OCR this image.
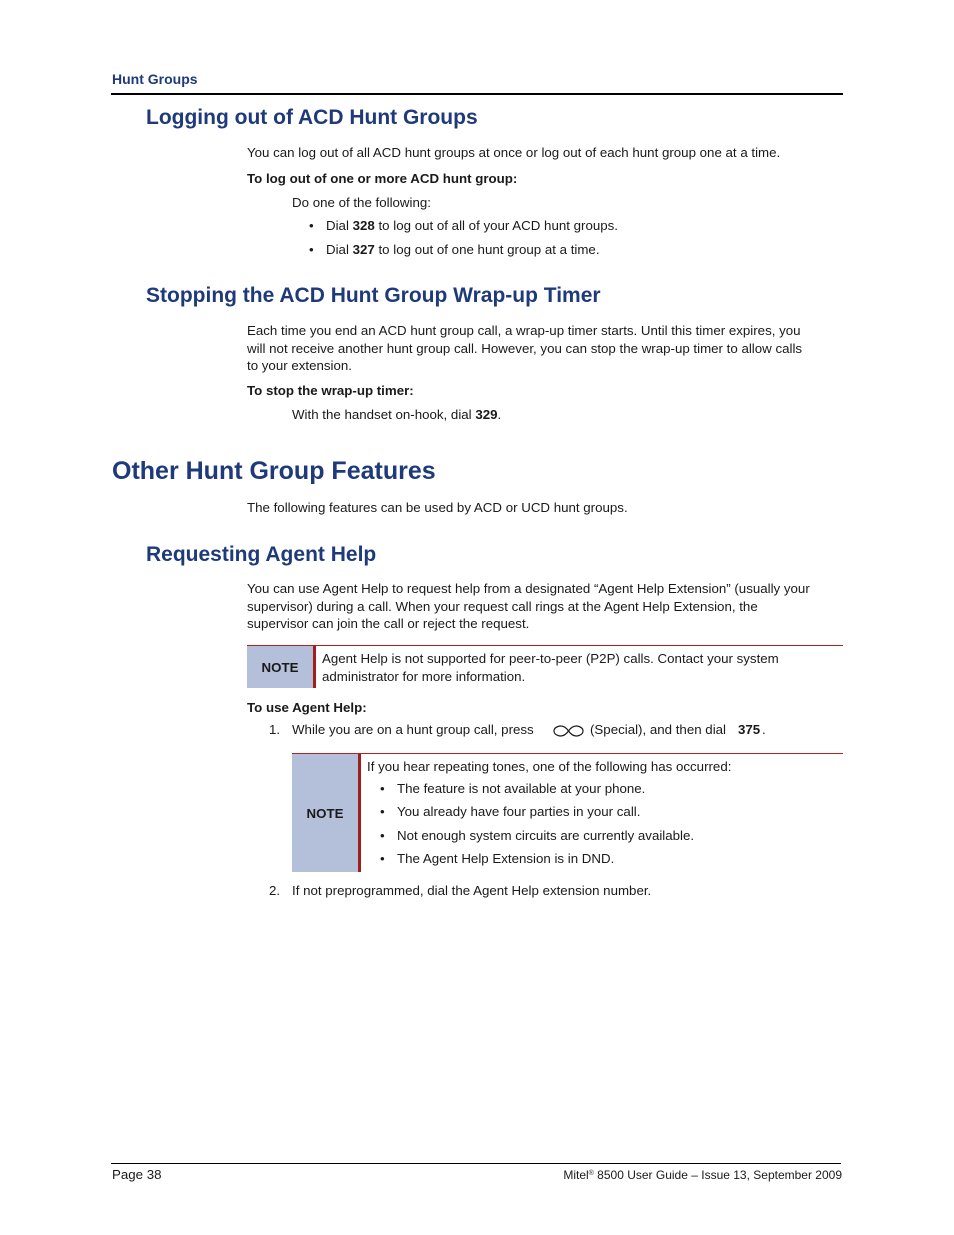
Hunt Groups
Logging out of ACD Hunt Groups
You can log out of all ACD hunt groups at once or log out of each hunt group one at a time.
To log out of one or more ACD hunt group:
Do one of the following:
• Dial 328 to log out of all of your ACD hunt groups.
• Dial 327 to log out of one hunt group at a time.
Stopping the ACD Hunt Group Wrap-up Timer
Each time you end an ACD hunt group call, a wrap-up timer starts. Until this timer expires, you
will not receive another hunt group call. However, you can stop the wrap-up timer to allow calls
to your extension.
To stop the wrap-up timer:
With the handset on-hook, dial 329.
Other Hunt Group Features
The following features can be used by ACD or UCD hunt groups.
Requesting Agent Help
You can use Agent Help to request help from a designated “Agent Help Extension” (usually your
supervisor) during a call. When your request call rings at the Agent Help Extension, the
supervisor can join the call or reject the request.
NOTE
Agent Help is not supported for peer-to-peer (P2P) calls. Contact your system
administrator for more information.
To use Agent Help:
1. While you are on a hunt group call, press	(Special), and then dial 375 .
NOTE
If you hear repeating tones, one of the following has occurred:
• The feature is not available at your phone.
• You already have four parties in your call.
• Not enough system circuits are currently available.
• The Agent Help Extension is in DND.
2. If not preprogrammed, dial the Agent Help extension number.
Page 38	Mitel® 8500 User Guide – Issue 13, September 2009
